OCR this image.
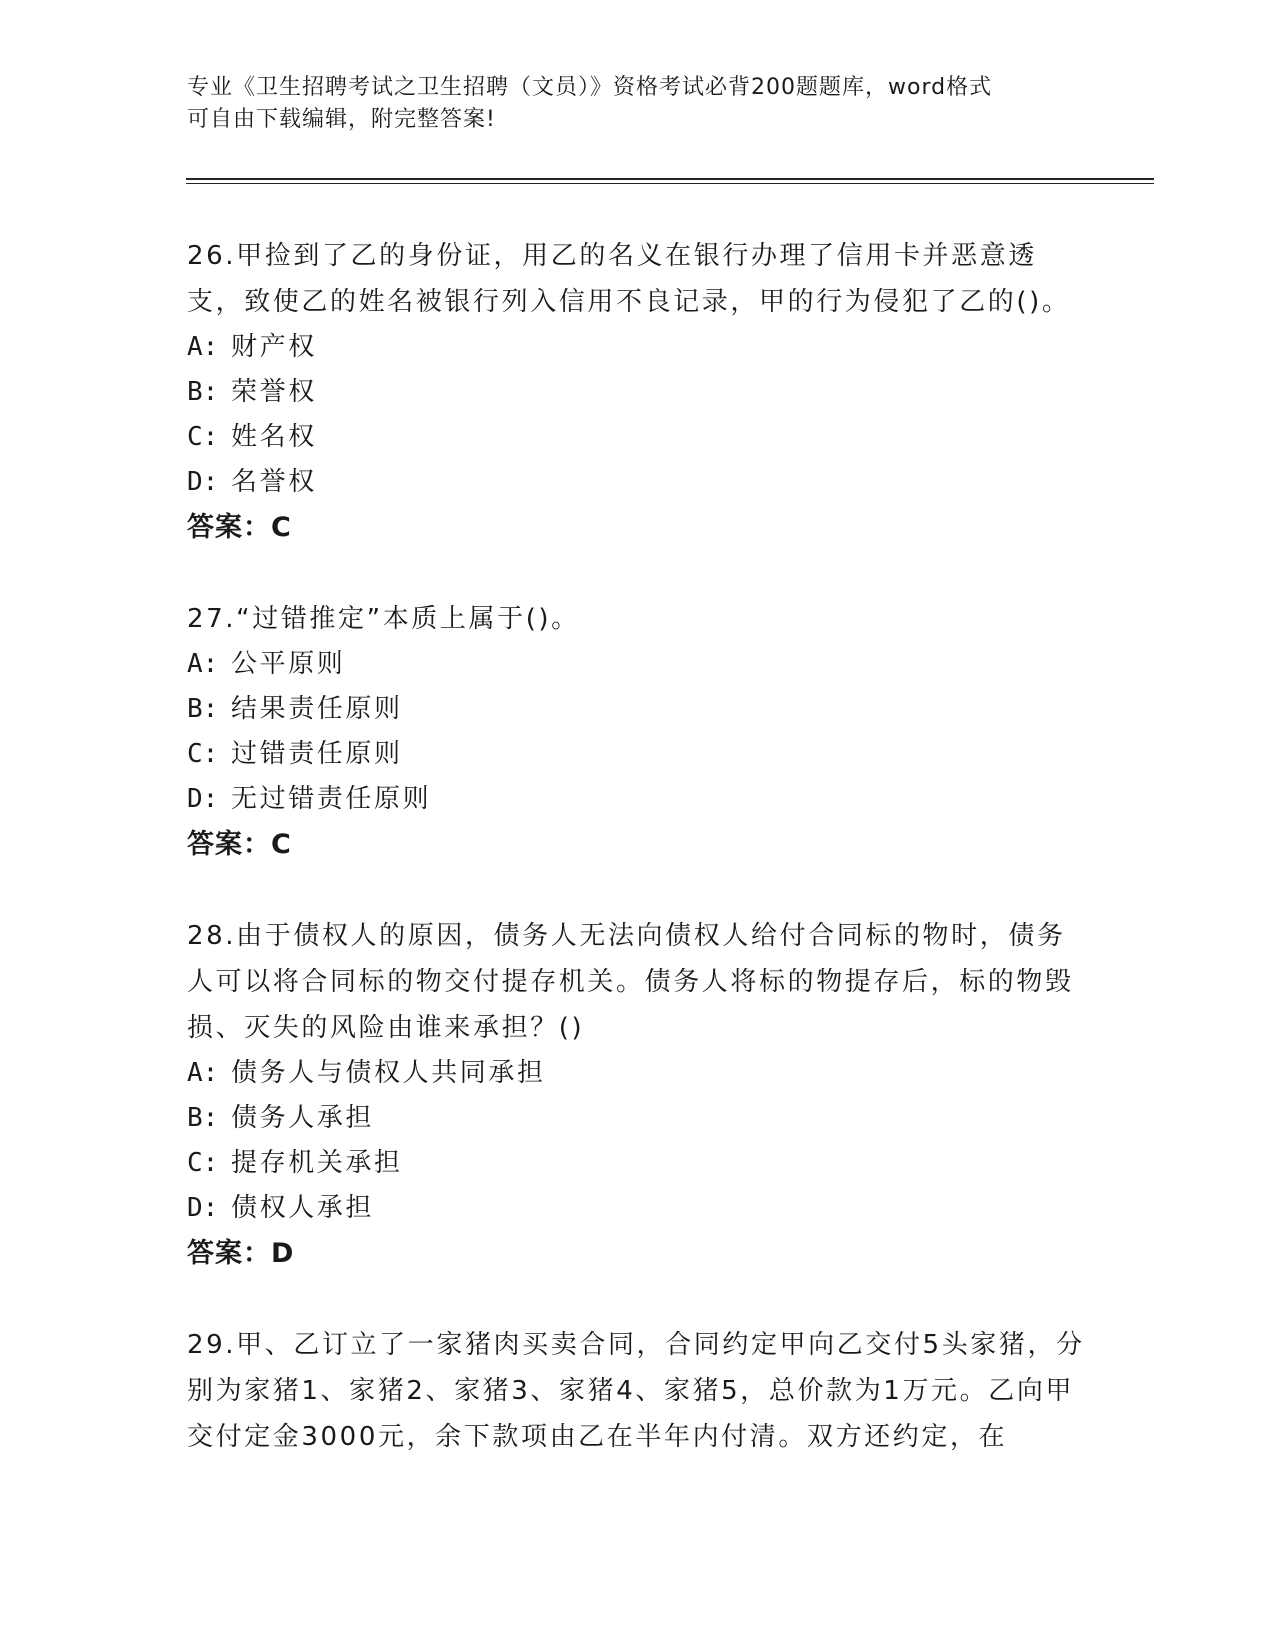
专业《卫生招聘考试之卫生招聘（文员）》资格考试必背200题题库，word格式
可自由下载编辑，附完整答案!
26.甲捡到了乙的身份证，用乙的名义在银行办理了信用卡并恶意透支，致使乙的姓名被银行列入信用不良记录，甲的行为侵犯了乙的()。
A: 财产权
B: 荣誉权
C: 姓名权
D: 名誉权
答案：C
27.“过错推定”本质上属于()。
A: 公平原则
B: 结果责任原则
C: 过错责任原则
D: 无过错责任原则
答案：C
28.由于债权人的原因，债务人无法向债权人给付合同标的物时，债务人可以将合同标的物交付提存机关。债务人将标的物提存后，标的物毁损、灭失的风险由谁来承担？()
A: 债务人与债权人共同承担
B: 债务人承担
C: 提存机关承担
D: 债权人承担
答案：D
29.甲、乙订立了一家猪肉买卖合同，合同约定甲向乙交付5头家猪，分别为家猪1、家猪2、家猪3、家猪4、家猪5，总价款为1万元。乙向甲交付定金3000元，余下款项由乙在半年内付清。双方还约定，在
